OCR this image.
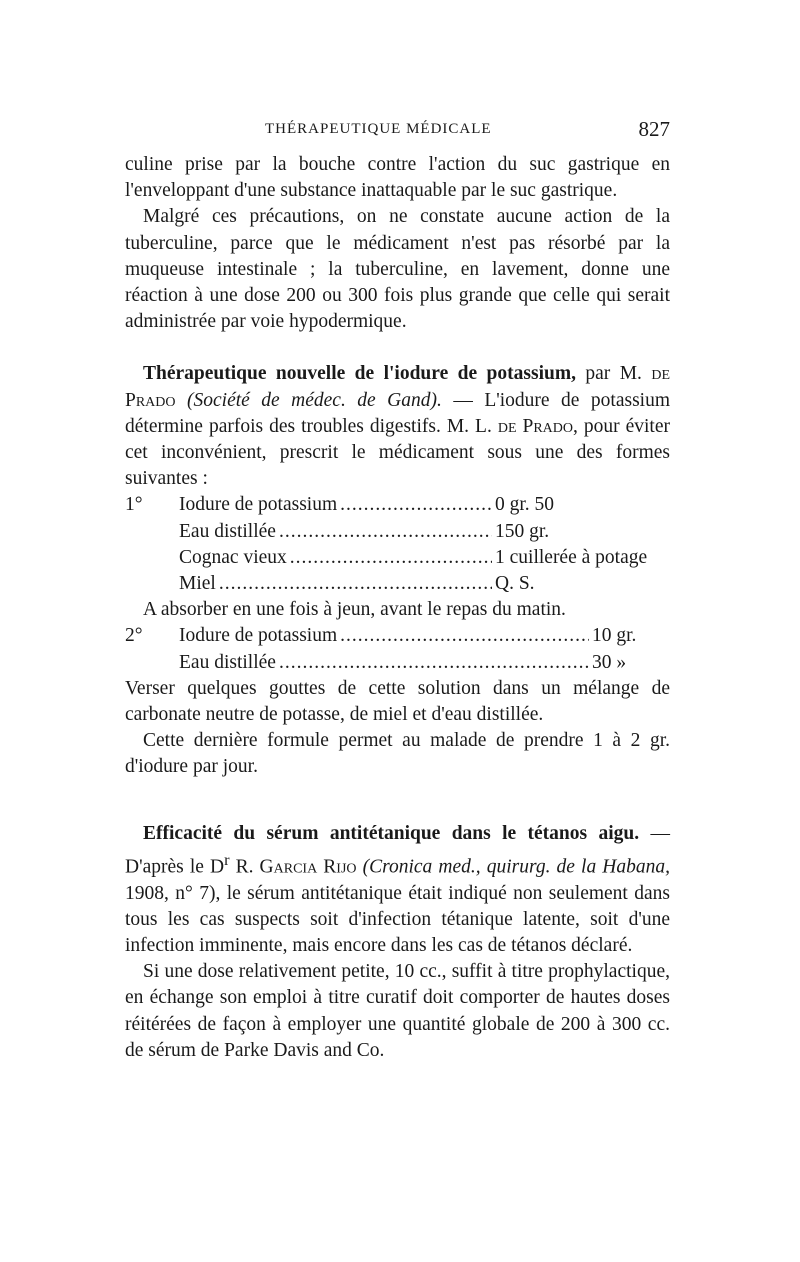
THÉRAPEUTIQUE MÉDICALE	827

culine prise par la bouche contre l'action du suc gastrique en l'enveloppant d'une substance inattaquable par le suc gastrique.

Malgré ces précautions, on ne constate aucune action de la tuberculine, parce que le médicament n'est pas résorbé par la muqueuse intestinale ; la tuberculine, en lavement, donne une réaction à une dose 200 ou 300 fois plus grande que celle qui serait administrée par voie hypodermique.

Thérapeutique nouvelle de l'iodure de potassium, par M. de Prado (Société de médec. de Gand). — L'iodure de potassium détermine parfois des troubles digestifs. M. L. de Prado, pour éviter cet inconvénient, prescrit le médicament sous une des formes suivantes :

1°	Iodure de potassium .....	0 gr. 50
Eau distillée .....	150 gr.
Cognac vieux .....	1 cuillerée à potage
Miel .....	Q. S.

A absorber en une fois à jeun, avant le repas du matin.

2°	Iodure de potassium .....	10 gr.
Eau distillée .....	30 »

Verser quelques gouttes de cette solution dans un mélange de carbonate neutre de potasse, de miel et d'eau distillée.

Cette dernière formule permet au malade de prendre 1 à 2 gr. d'iodure par jour.

Efficacité du sérum antitétanique dans le tétanos aigu. — D'après le $D^r$ R. Garcia Rijo (Cronica med., quirurg. de la Habana, 1908, n° 7), le sérum antitétanique était indiqué non seulement dans tous les cas suspects soit d'infection tétanique latente, soit d'une infection imminente, mais encore dans les cas de tétanos déclaré.

Si une dose relativement petite, 10 cc., suffit à titre prophylactique, en échange son emploi à titre curatif doit comporter de hautes doses réitérées de façon à employer une quantité globale de 200 à 300 cc. de sérum de Parke Davis and Co.
